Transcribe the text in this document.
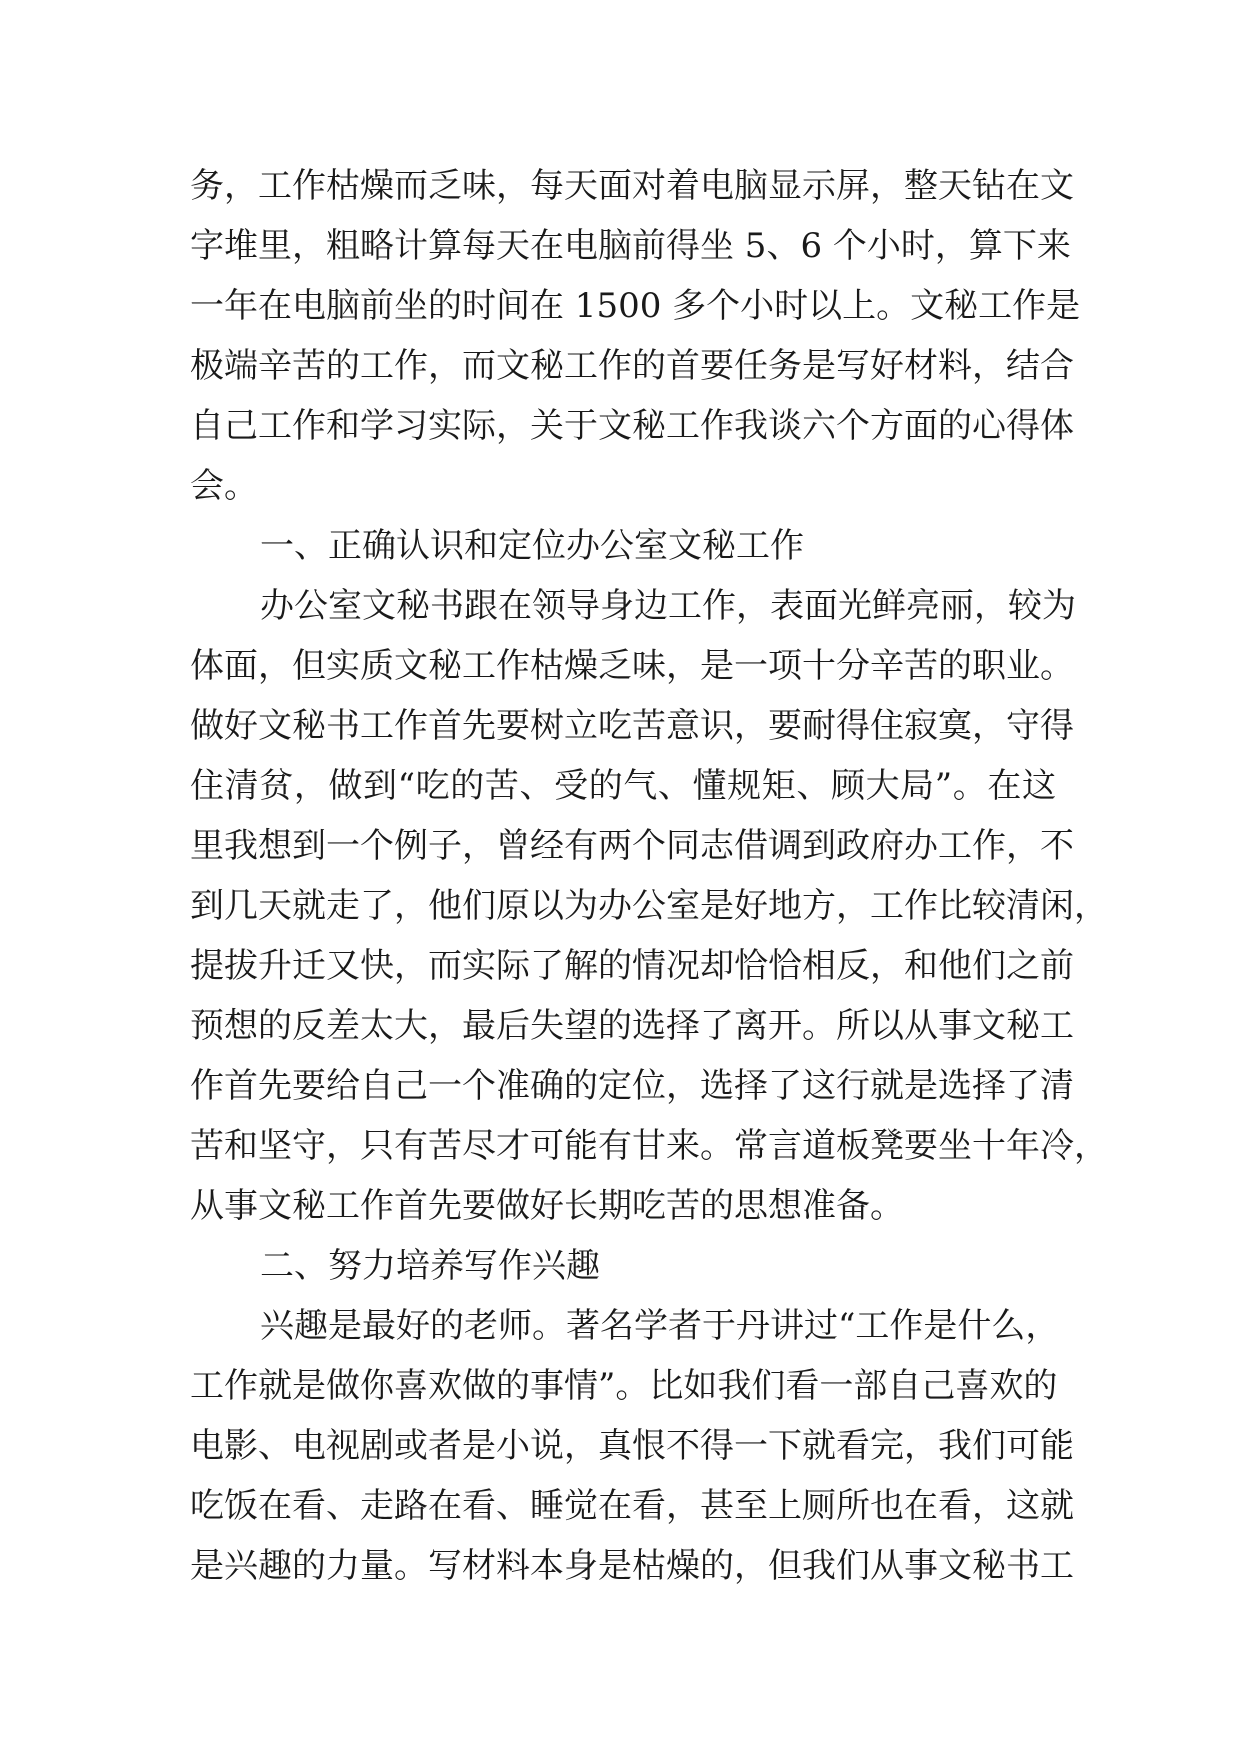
务，工作枯燥而乏味，每天面对着电脑显示屏，整天钻在文
字堆里，粗略计算每天在电脑前得坐 5、6 个小时，算下来
一年在电脑前坐的时间在 1500 多个小时以上。文秘工作是
极端辛苦的工作，而文秘工作的首要任务是写好材料，结合
自己工作和学习实际，关于文秘工作我谈六个方面的心得体
会。
一、正确认识和定位办公室文秘工作
办公室文秘书跟在领导身边工作，表面光鲜亮丽，较为
体面，但实质文秘工作枯燥乏味，是一项十分辛苦的职业。
做好文秘书工作首先要树立吃苦意识，要耐得住寂寞，守得
住清贫，做到“吃的苦、受的气、懂规矩、顾大局”。在这
里我想到一个例子，曾经有两个同志借调到政府办工作，不
到几天就走了，他们原以为办公室是好地方，工作比较清闲，
提拔升迁又快，而实际了解的情况却恰恰相反，和他们之前
预想的反差太大，最后失望的选择了离开。所以从事文秘工
作首先要给自己一个准确的定位，选择了这行就是选择了清
苦和坚守，只有苦尽才可能有甘来。常言道板凳要坐十年冷，
从事文秘工作首先要做好长期吃苦的思想准备。
二、努力培养写作兴趣
兴趣是最好的老师。著名学者于丹讲过“工作是什么，
工作就是做你喜欢做的事情”。比如我们看一部自己喜欢的
电影、电视剧或者是小说，真恨不得一下就看完，我们可能
吃饭在看、走路在看、睡觉在看，甚至上厕所也在看，这就
是兴趣的力量。写材料本身是枯燥的，但我们从事文秘书工
